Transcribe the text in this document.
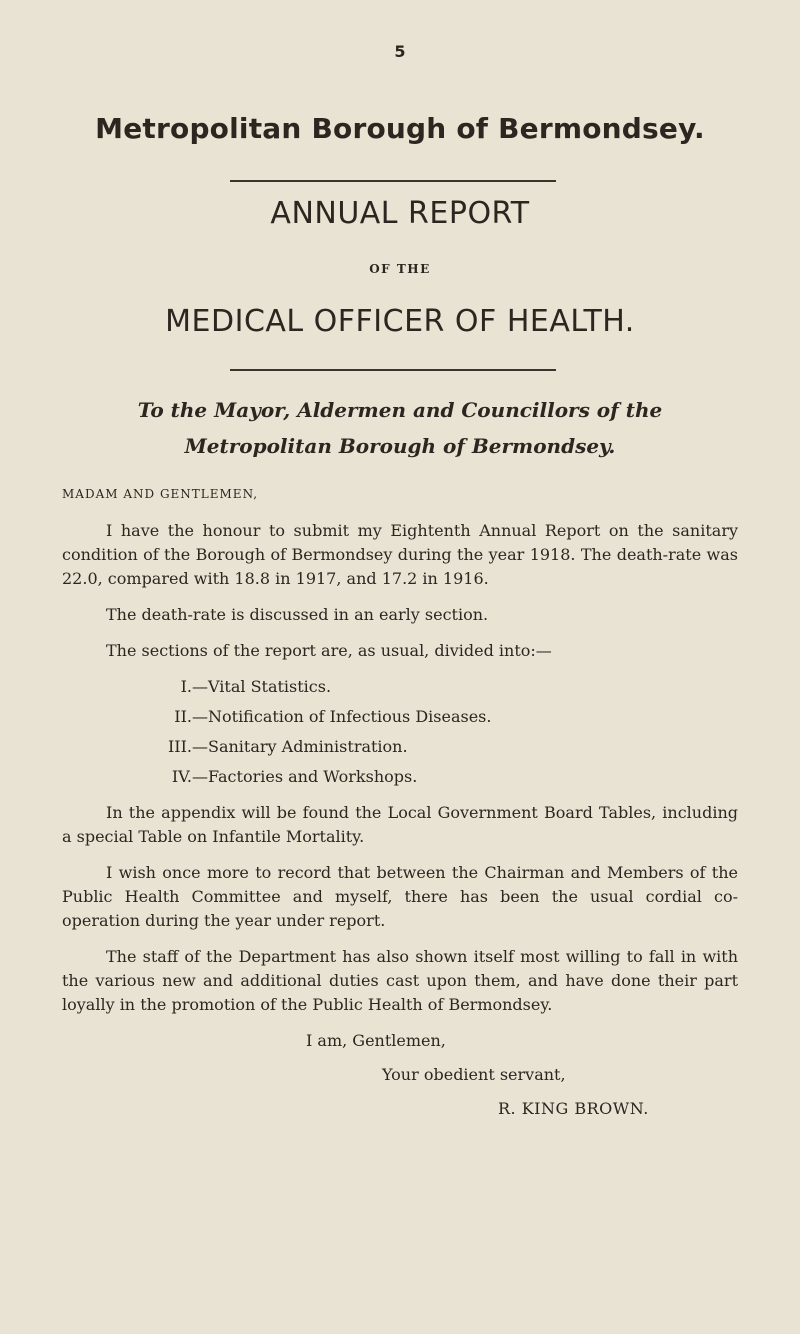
5
Metropolitan Borough of Bermondsey.
ANNUAL REPORT
OF THE
MEDICAL OFFICER OF HEALTH.
To the Mayor, Aldermen and Councillors of the
Metropolitan Borough of Bermondsey.

MADAM AND GENTLEMEN,

I have the honour to submit my Eightenth Annual Report on the sanitary condition of the Borough of Bermondsey during the year 1918. The death-rate was 22.0, compared with 18.8 in 1917, and 17.2 in 1916.

The death-rate is discussed in an early section.

The sections of the report are, as usual, divided into:—

I.—Vital Statistics.
II.—Notification of Infectious Diseases.
III.—Sanitary Administration.
IV.—Factories and Workshops.

In the appendix will be found the Local Government Board Tables, including a special Table on Infantile Mortality.

I wish once more to record that between the Chairman and Members of the Public Health Committee and myself, there has been the usual cordial co-operation during the year under report.

The staff of the Department has also shown itself most willing to fall in with the various new and additional duties cast upon them, and have done their part loyally in the promotion of the Public Health of Bermondsey.

I am, Gentlemen,
Your obedient servant,
R. KING BROWN.
